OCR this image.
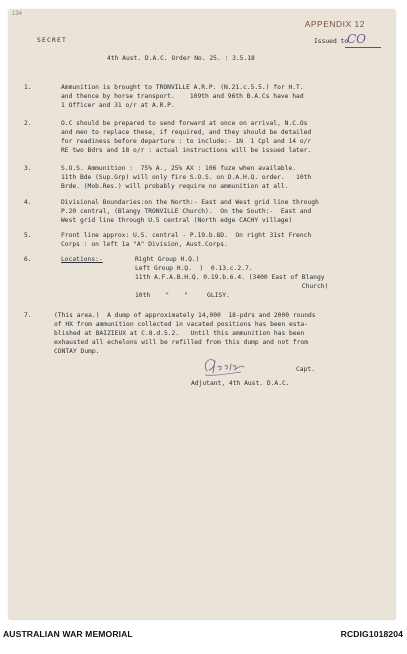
134
APPENDIX 12
SECRET	Issued to
CO
4th Aust. D.A.C. Order No. 25. : 3.5.18
1.	Ammunition is brought to TRONVILLE A.R.P. (N.21.c.5.5.) for H.T.
and thence by horse transport.    109th and 96th B.A.Cs have had
1 Officer and 31 o/r at A.R.P.
2.	O.C should be prepared to send forward at once on arrival, N.C.Os
and men to replace these, if required, and they should be detailed
for readiness before departure : to include:- 1N  1 Cpl and 14 o/r
RE two Bdrs and 18 o/r : actual instructions will be issued later.
3.	S.O.S. Ammunition :  75% A., 25% AX : 106 fuze when available.
11th Bde (Sup.Grp) will only fire S.O.S. on D.A.H.Q. order.   10th
Brde. (Mob.Res.) will probably require no ammunition at all.
4.	Divisional Boundaries:on the North:- East and West grid line through
P.20 central, (Blangy TRONVILLE Church).  On the South:-  East and
West grid line through U.5 central (North edge CACHY village)
5.	Front line approx: U.5. central - P.19.b.8D.  On right 31st French
Corps : on left 1a "A" Division, Aust.Corps.
6.	Locations:-	Right Group H.Q.)
Left Group H.Q.  )  0.13.c.2.7.
11th A.F.A.B.H.Q. 0.19.b.6.4. (3400 East of Blangy
Church)
10th    "    "     GLISY.
7.	(This area.)  A dump of approximately 14,000  18-pdrs and 2000 rounds
of HX from ammunition collected in vacated positions has been esta-
blished at BAIZIEUX at C.8.d.5.2.   Until this ammunition has been
exhausted all echelons will be refilled from this dump and not from
CONTAY Dump.
Capt.
Adjutant, 4th Aust. D.A.C.
AUSTRALIAN WAR MEMORIAL	RCDIG1018204
